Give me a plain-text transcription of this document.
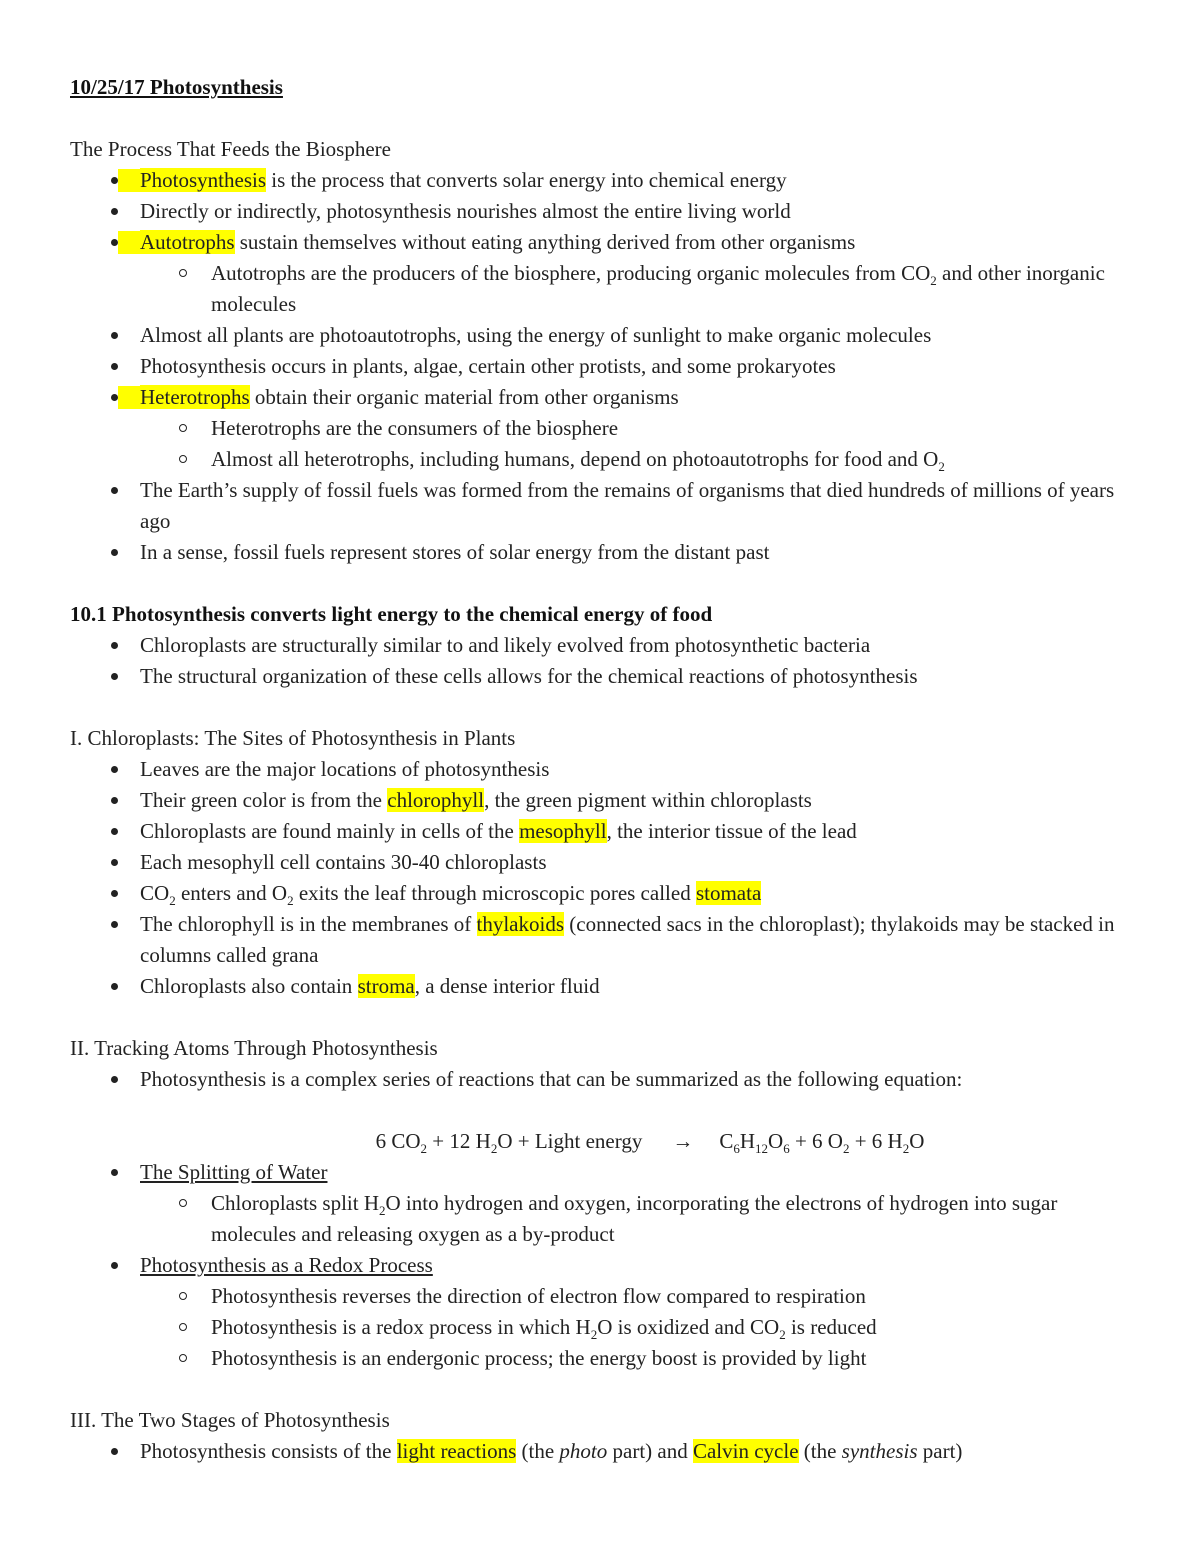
10/25/17 Photosynthesis
The Process That Feeds the Biosphere
Photosynthesis is the process that converts solar energy into chemical energy
Directly or indirectly, photosynthesis nourishes almost the entire living world
Autotrophs sustain themselves without eating anything derived from other organisms
Autotrophs are the producers of the biosphere, producing organic molecules from $CO_2$ and other inorganic molecules
Almost all plants are photoautotrophs, using the energy of sunlight to make organic molecules
Photosynthesis occurs in plants, algae, certain other protists, and some prokaryotes
Heterotrophs obtain their organic material from other organisms
Heterotrophs are the consumers of the biosphere
Almost all heterotrophs, including humans, depend on photoautotrophs for food and $O_2$
The Earth’s supply of fossil fuels was formed from the remains of organisms that died hundreds of millions of years ago
In a sense, fossil fuels represent stores of solar energy from the distant past
10.1 Photosynthesis converts light energy to the chemical energy of food
Chloroplasts are structurally similar to and likely evolved from photosynthetic bacteria
The structural organization of these cells allows for the chemical reactions of photosynthesis
I. Chloroplasts: The Sites of Photosynthesis in Plants
Leaves are the major locations of photosynthesis
Their green color is from the chlorophyll, the green pigment within chloroplasts
Chloroplasts are found mainly in cells of the mesophyll, the interior tissue of the lead
Each mesophyll cell contains 30-40 chloroplasts
$CO_2$ enters and $O_2$ exits the leaf through microscopic pores called stomata
The chlorophyll is in the membranes of thylakoids (connected sacs in the chloroplast); thylakoids may be stacked in columns called grana
Chloroplasts also contain stroma, a dense interior fluid
II. Tracking Atoms Through Photosynthesis
Photosynthesis is a complex series of reactions that can be summarized as the following equation:
6 $CO_2 + 12$ $H_2O$ + Light energy → $C_6H_{12}O_6 + 6$ $O_2 + 6$ $H_2O$
The Splitting of Water
Chloroplasts split $H_2O$ into hydrogen and oxygen, incorporating the electrons of hydrogen into sugar molecules and releasing oxygen as a by-product
Photosynthesis as a Redox Process
Photosynthesis reverses the direction of electron flow compared to respiration
Photosynthesis is a redox process in which $H_2O$ is oxidized and $CO_2$ is reduced
Photosynthesis is an endergonic process; the energy boost is provided by light
III. The Two Stages of Photosynthesis
Photosynthesis consists of the light reactions (the photo part) and Calvin cycle (the synthesis part)
